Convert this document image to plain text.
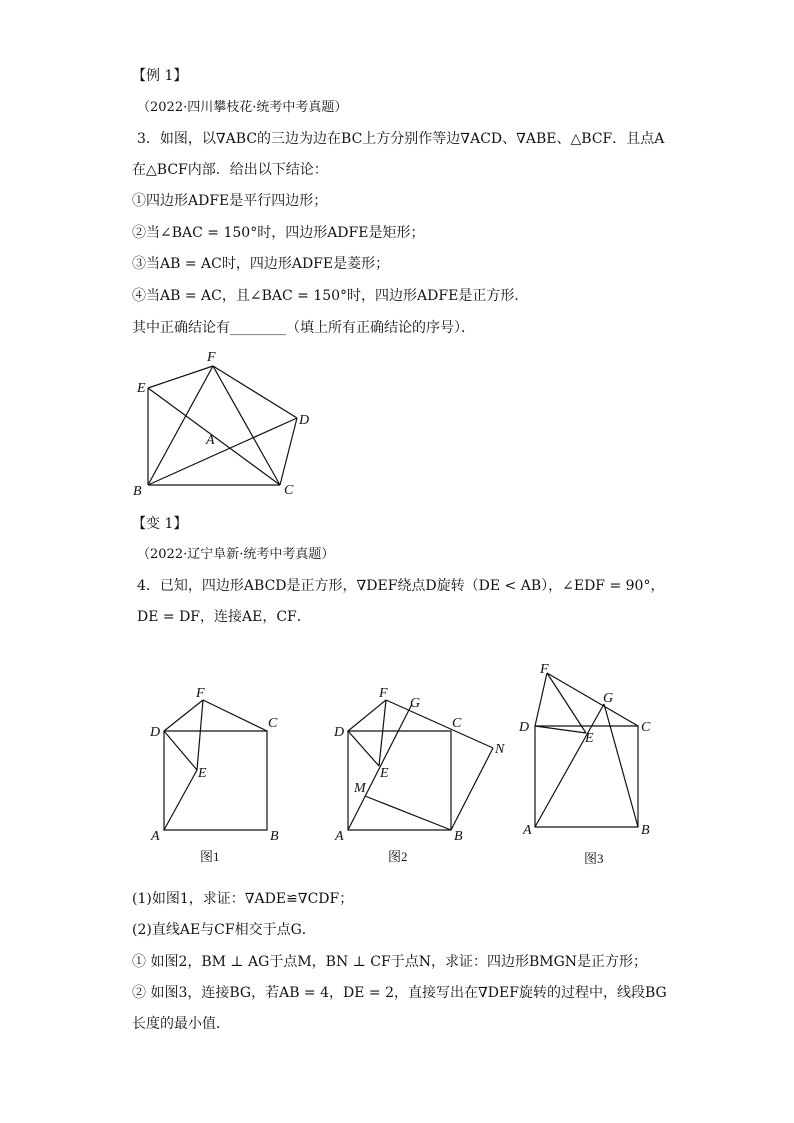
【例 1】
（2022·四川攀枝花·统考中考真题）
3．如图，以∇ABC的三边为边在BC上方分别作等边∇ACD、∇ABE、△BCF．且点A
在△BCF内部．给出以下结论：
①四边形ADFE是平行四边形；
②当∠BAC = 150°时，四边形ADFE是矩形；
③当AB = AC时，四边形ADFE是菱形；
④当AB = AC，且∠BAC = 150°时，四边形ADFE是正方形．
其中正确结论有________（填上所有正确结论的序号）．
F
E
D
A
B	C
【变 1】
（2022·辽宁阜新·统考中考真题）
4．已知，四边形ABCD是正方形，∇DEF绕点D旋转（DE < AB），∠EDF = 90°，
DE = DF，连接AE，CF．
F
D
C
E
A	B
图1
F
G
D
C
N
E
M
A	B
图2
F
G
D	C
E
A	B
图3
(1)如图1，求证：∇ADE≌∇CDF；
(2)直线AE与CF相交于点G．
① 如图2，BM ⊥ AG于点M，BN ⊥ CF于点N，求证：四边形BMGN是正方形；
② 如图3，连接BG，若AB = 4，DE = 2，直接写出在∇DEF旋转的过程中，线段BG
长度的最小值．
